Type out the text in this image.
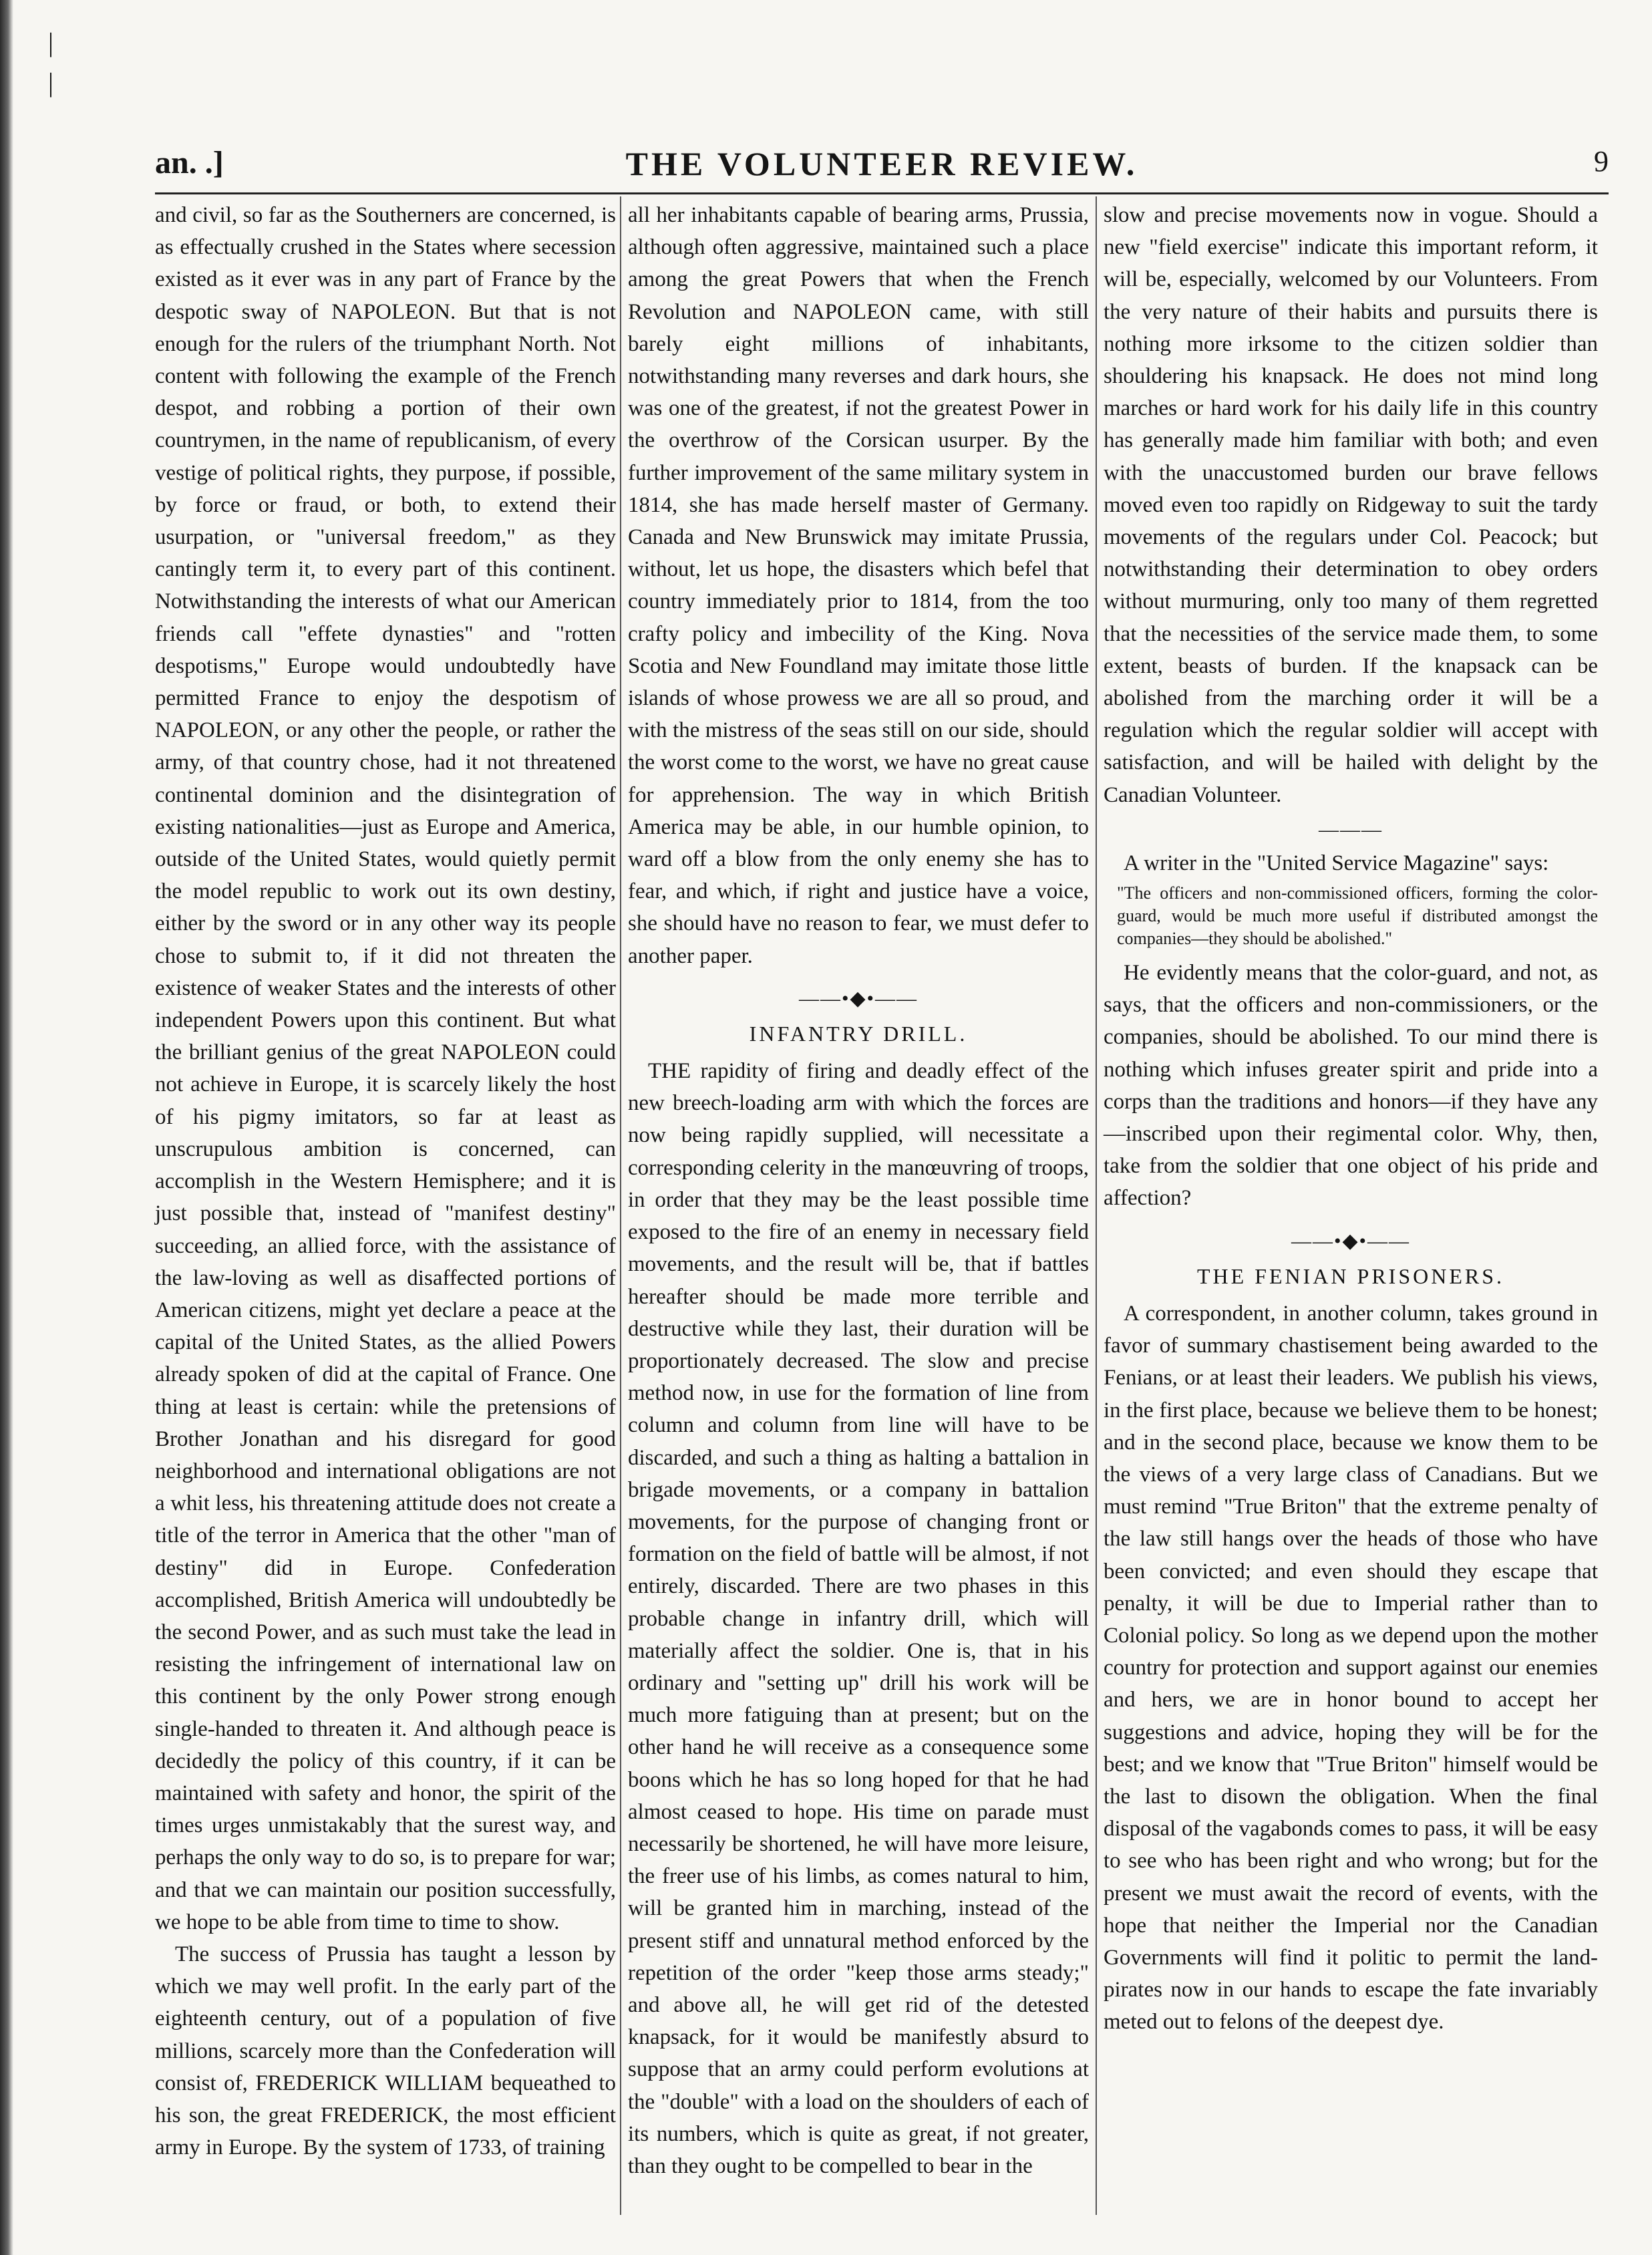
|
|
an. .]	THE VOLUNTEER REVIEW.	9

and civil, so far as the Southerners are concerned, is as effectually crushed in the States where secession existed as it ever was in any part of France by the despotic sway of NAPOLEON. But that is not enough for the rulers of the triumphant North. Not content with following the example of the French despot, and robbing a portion of their own countrymen, in the name of republicanism, of every vestige of political rights, they purpose, if possible, by force or fraud, or both, to extend their usurpation, or "universal freedom," as they cantingly term it, to every part of this continent. Notwithstanding the interests of what our American friends call "effete dynasties" and "rotten despotisms," Europe would undoubtedly have permitted France to enjoy the despotism of NAPOLEON, or any other the people, or rather the army, of that country chose, had it not threatened continental dominion and the disintegration of existing nationalities—just as Europe and America, outside of the United States, would quietly permit the model republic to work out its own destiny, either by the sword or in any other way its people chose to submit to, if it did not threaten the existence of weaker States and the interests of other independent Powers upon this continent. But what the brilliant genius of the great NAPOLEON could not achieve in Europe, it is scarcely likely the host of his pigmy imitators, so far at least as unscrupulous ambition is concerned, can accomplish in the Western Hemisphere; and it is just possible that, instead of "manifest destiny" succeeding, an allied force, with the assistance of the law-loving as well as disaffected portions of American citizens, might yet declare a peace at the capital of the United States, as the allied Powers already spoken of did at the capital of France. One thing at least is certain: while the pretensions of Brother Jonathan and his disregard for good neighborhood and international obligations are not a whit less, his threatening attitude does not create a title of the terror in America that the other "man of destiny" did in Europe. Confederation accomplished, British America will undoubtedly be the second Power, and as such must take the lead in resisting the infringement of international law on this continent by the only Power strong enough single-handed to threaten it. And although peace is decidedly the policy of this country, if it can be maintained with safety and honor, the spirit of the times urges unmistakably that the surest way, and perhaps the only way to do so, is to prepare for war; and that we can maintain our position successfully, we hope to be able from time to time to show.

The success of Prussia has taught a lesson by which we may well profit. In the early part of the eighteenth century, out of a population of five millions, scarcely more than the Confederation will consist of, FREDERICK WILLIAM bequeathed to his son, the great FREDERICK, the most efficient army in Europe. By the system of 1733, of training

all her inhabitants capable of bearing arms, Prussia, although often aggressive, maintained such a place among the great Powers that when the French Revolution and NAPOLEON came, with still barely eight millions of inhabitants, notwithstanding many reverses and dark hours, she was one of the greatest, if not the greatest Power in the overthrow of the Corsican usurper. By the further improvement of the same military system in 1814, she has made herself master of Germany. Canada and New Brunswick may imitate Prussia, without, let us hope, the disasters which befel that country immediately prior to 1814, from the too crafty policy and imbecility of the King. Nova Scotia and New Foundland may imitate those little islands of whose prowess we are all so proud, and with the mistress of the seas still on our side, should the worst come to the worst, we have no great cause for apprehension. The way in which British America may be able, in our humble opinion, to ward off a blow from the only enemy she has to fear, and which, if right and justice have a voice, she should have no reason to fear, we must defer to another paper.

——•◆•——
INFANTRY DRILL.

THE rapidity of firing and deadly effect of the new breech-loading arm with which the forces are now being rapidly supplied, will necessitate a corresponding celerity in the manœuvring of troops, in order that they may be the least possible time exposed to the fire of an enemy in necessary field movements, and the result will be, that if battles hereafter should be made more terrible and destructive while they last, their duration will be proportionately decreased. The slow and precise method now, in use for the formation of line from column and column from line will have to be discarded, and such a thing as halting a battalion in brigade movements, or a company in battalion movements, for the purpose of changing front or formation on the field of battle will be almost, if not entirely, discarded. There are two phases in this probable change in infantry drill, which will materially affect the soldier. One is, that in his ordinary and "setting up" drill his work will be much more fatiguing than at present; but on the other hand he will receive as a consequence some boons which he has so long hoped for that he had almost ceased to hope. His time on parade must necessarily be shortened, he will have more leisure, the freer use of his limbs, as comes natural to him, will be granted him in marching, instead of the present stiff and unnatural method enforced by the repetition of the order "keep those arms steady;" and above all, he will get rid of the detested knapsack, for it would be manifestly absurd to suppose that an army could perform evolutions at the "double" with a load on the shoulders of each of its numbers, which is quite as great, if not greater, than they ought to be compelled to bear in the

slow and precise movements now in vogue. Should a new "field exercise" indicate this important reform, it will be, especially, welcomed by our Volunteers. From the very nature of their habits and pursuits there is nothing more irksome to the citizen soldier than shouldering his knapsack. He does not mind long marches or hard work for his daily life in this country has generally made him familiar with both; and even with the unaccustomed burden our brave fellows moved even too rapidly on Ridgeway to suit the tardy movements of the regulars under Col. Peacock; but notwithstanding their determination to obey orders without murmuring, only too many of them regretted that the necessities of the service made them, to some extent, beasts of burden. If the knapsack can be abolished from the marching order it will be a regulation which the regular soldier will accept with satisfaction, and will be hailed with delight by the Canadian Volunteer.

———

A writer in the "United Service Magazine" says:

"The officers and non-commissioned officers, forming the color-guard, would be much more useful if distributed amongst the companies—they should be abolished."

He evidently means that the color-guard, and not, as says, that the officers and non-commissioners, or the companies, should be abolished. To our mind there is nothing which infuses greater spirit and pride into a corps than the traditions and honors—if they have any—inscribed upon their regimental color. Why, then, take from the soldier that one object of his pride and affection?

——•◆•——
THE FENIAN PRISONERS.

A correspondent, in another column, takes ground in favor of summary chastisement being awarded to the Fenians, or at least their leaders. We publish his views, in the first place, because we believe them to be honest; and in the second place, because we know them to be the views of a very large class of Canadians. But we must remind "True Briton" that the extreme penalty of the law still hangs over the heads of those who have been convicted; and even should they escape that penalty, it will be due to Imperial rather than to Colonial policy. So long as we depend upon the mother country for protection and support against our enemies and hers, we are in honor bound to accept her suggestions and advice, hoping they will be for the best; and we know that "True Briton" himself would be the last to disown the obligation. When the final disposal of the vagabonds comes to pass, it will be easy to see who has been right and who wrong; but for the present we must await the record of events, with the hope that neither the Imperial nor the Canadian Governments will find it politic to permit the land-pirates now in our hands to escape the fate invariably meted out to felons of the deepest dye.
